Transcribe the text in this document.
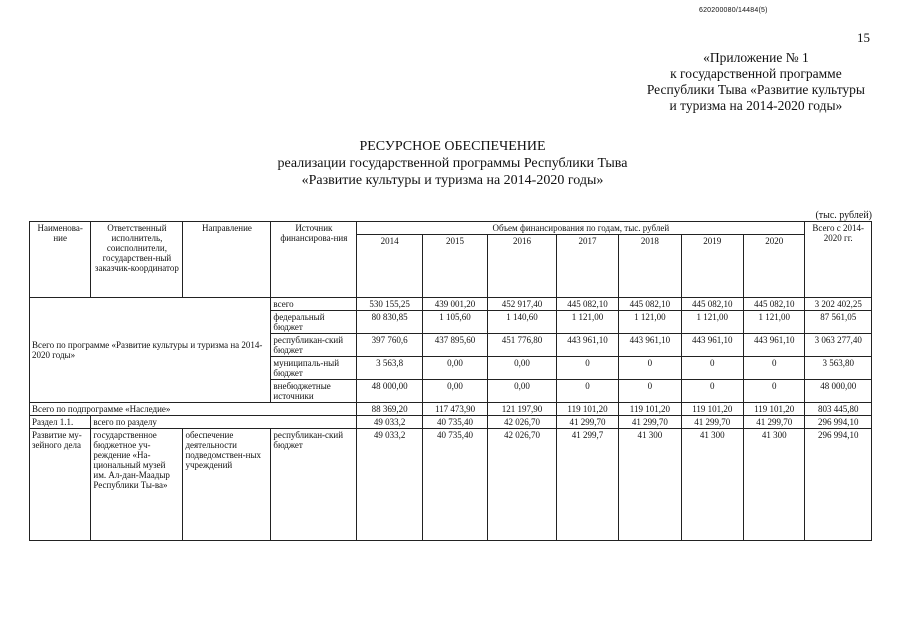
620200080/14484(5)
15
«Приложение № 1
к государственной программе
Республики Тыва «Развитие культуры
и туризма на 2014-2020 годы»
РЕСУРСНОЕ ОБЕСПЕЧЕНИЕ
реализации государственной программы Республики Тыва
«Развитие культуры и туризма на 2014-2020 годы»
(тыс. рублей)
Наименова-ние	Ответственный исполнитель, соисполнители, государствен-ный заказчик-координатор	Направление	Источник финансирова-ния	Объем финансирования по годам, тыс. рублей							Всего с 2014-2020 гг.
				2014	2015	2016	2017	2018	2019	2020	
Всего по программе «Развитие культуры и туризма на 2014-2020 годы»			всего	530 155,25	439 001,20	452 917,40	445 082,10	445 082,10	445 082,10	445 082,10	3 202 402,25
			федеральный бюджет	80 830,85	1 105,60	1 140,60	1 121,00	1 121,00	1 121,00	1 121,00	87 561,05
			республикан-ский бюджет	397 760,6	437 895,60	451 776,80	443 961,10	443 961,10	443 961,10	443 961,10	3 063 277,40
			муниципаль-ный бюджет	3 563,8	0,00	0,00	0	0	0	0	3 563,80
			внебюджетные источники	48 000,00	0,00	0,00	0	0	0	0	48 000,00
Всего по подпрограмме «Наследие»				88 369,20	117 473,90	121 197,90	119 101,20	119 101,20	119 101,20	119 101,20	803 445,80
Раздел 1.1.	всего по разделу			49 033,2	40 735,40	42 026,70	41 299,70	41 299,70	41 299,70	41 299,70	296 994,10
Развитие му-зейного дела	государственное бюджетное уч-реждение «На-циональный музей им. Ал-дан-Маадыр Республики Ты-ва»	обеспечение деятельности подведомствен-ных учреждений	республикан-ский бюджет	49 033,2	40 735,40	42 026,70	41 299,7	41 300	41 300	41 300	296 994,10
